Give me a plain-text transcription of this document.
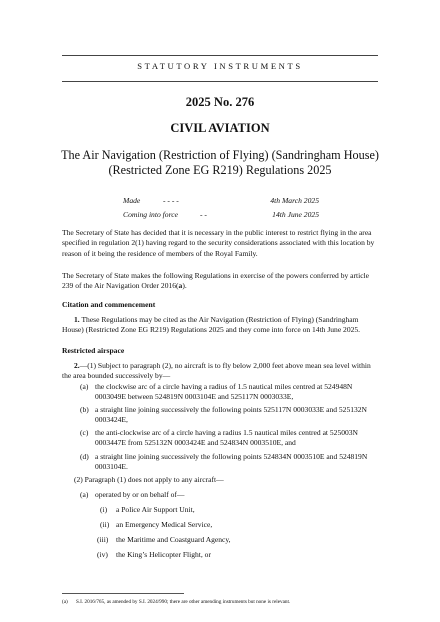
STATUTORY INSTRUMENTS
2025 No. 276
CIVIL AVIATION
The Air Navigation (Restriction of Flying) (Sandringham House) (Restricted Zone EG R219) Regulations 2025
Made	- - - -	4th March 2025
Coming into force	- -	14th June 2025
The Secretary of State has decided that it is necessary in the public interest to restrict flying in the area specified in regulation 2(1) having regard to the security considerations associated with this location by reason of it being the residence of members of the Royal Family.
The Secretary of State makes the following Regulations in exercise of the powers conferred by article 239 of the Air Navigation Order 2016(a).
Citation and commencement
1. These Regulations may be cited as the Air Navigation (Restriction of Flying) (Sandringham House) (Restricted Zone EG R219) Regulations 2025 and they come into force on 14th June 2025.
Restricted airspace
2.—(1) Subject to paragraph (2), no aircraft is to fly below 2,000 feet above mean sea level within the area bounded successively by—
(a) the clockwise arc of a circle having a radius of 1.5 nautical miles centred at 524948N 0003049E between 524819N 0003104E and 525117N 0003033E,
(b) a straight line joining successively the following points 525117N 0003033E and 525132N 0003424E,
(c) the anti-clockwise arc of a circle having a radius 1.5 nautical miles centred at 525003N 0003447E from 525132N 0003424E and 524834N 0003510E, and
(d) a straight line joining successively the following points 524834N 0003510E and 524819N 0003104E.
(2) Paragraph (1) does not apply to any aircraft—
(a) operated by or on behalf of—
(i) a Police Air Support Unit,
(ii) an Emergency Medical Service,
(iii) the Maritime and Coastguard Agency,
(iv) the King’s Helicopter Flight, or
(a) S.I. 2016/765, as amended by S.I. 2024/990; there are other amending instruments but none is relevant.
